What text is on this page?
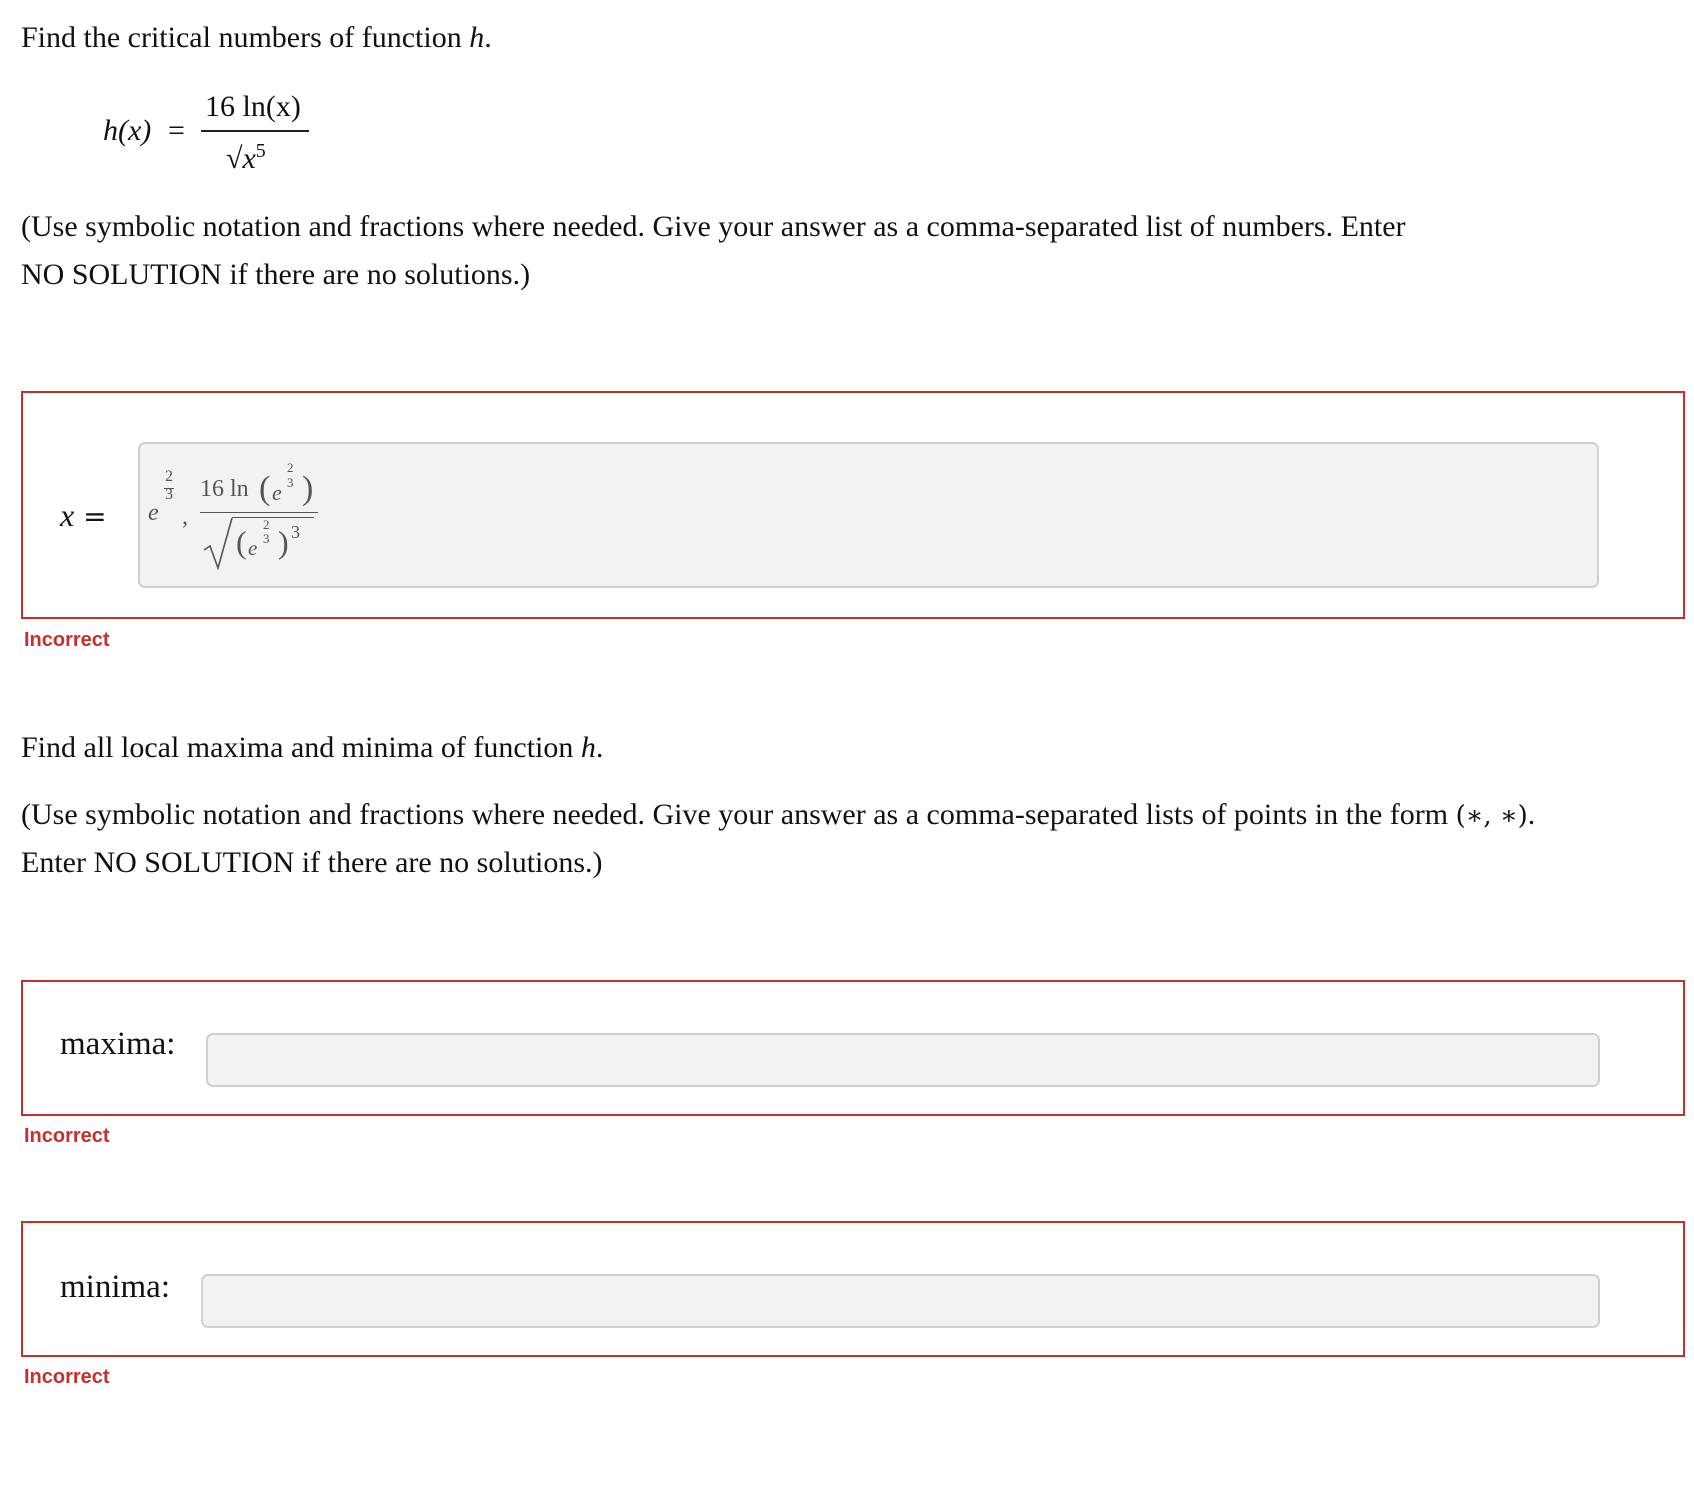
Find the critical numbers of function h.

h(x) =
16 ln(x)
$√x^5$

(Use symbolic notation and fractions where needed. Give your answer as a comma-separated list of numbers. Enter

NO SOLUTION if there are no solutions.)

x = e
2
3
,
16 ln ( e
2
3 )
( e
2
3 ) 3
Incorrect

Find all local maxima and minima of function h.

(Use symbolic notation and fractions where needed. Give your answer as a comma-separated lists of points in the form (∗, ∗).

Enter NO SOLUTION if there are no solutions.)

maxima:
Incorrect
minima:
Incorrect
